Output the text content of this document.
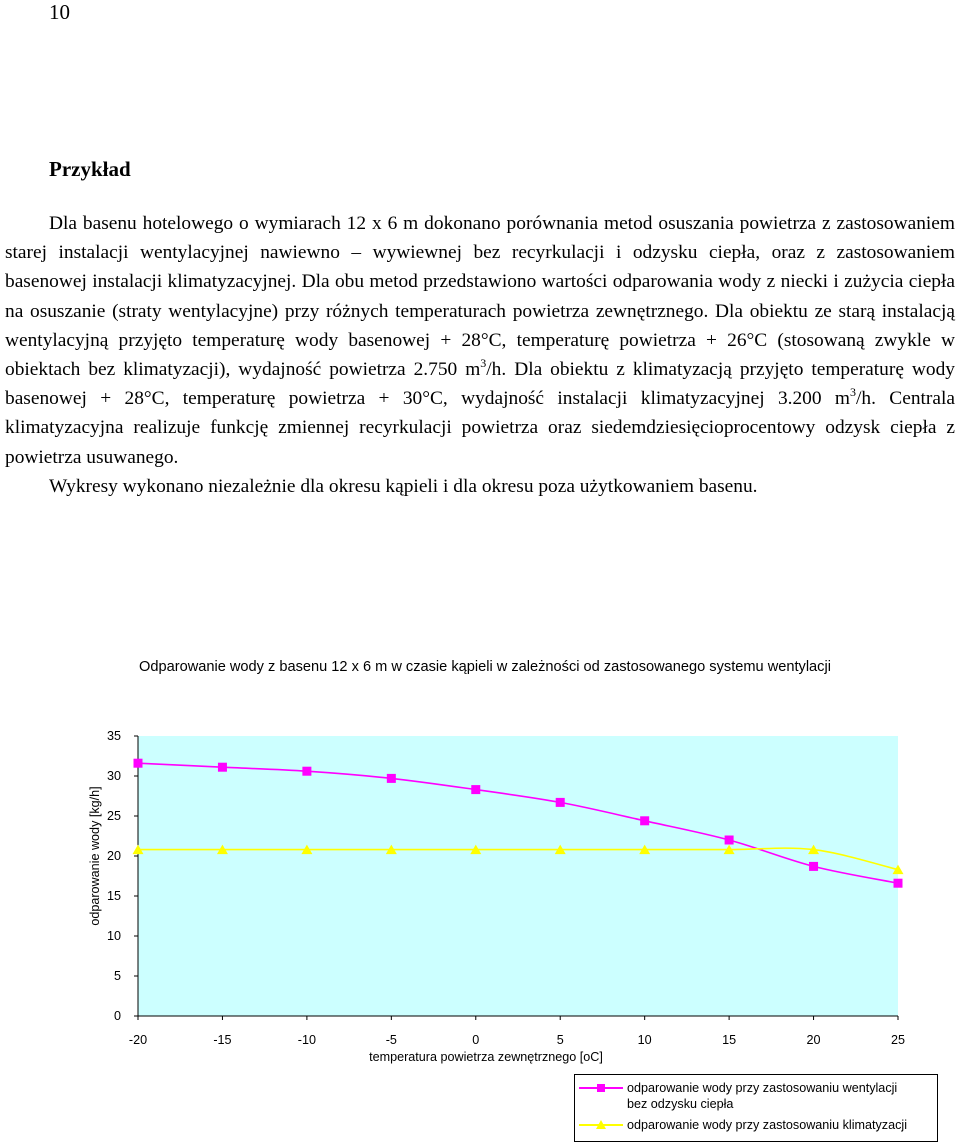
10
Przykład

Dla basenu hotelowego o wymiarach 12 x 6 m dokonano porównania metod osuszania powietrza z zastosowaniem starej instalacji wentylacyjnej nawiewno – wywiewnej bez recyrkulacji i odzysku ciepła, oraz z zastosowaniem basenowej instalacji klimatyzacyjnej. Dla obu metod przedstawiono wartości odparowania wody z niecki i zużycia ciepła na osuszanie (straty wentylacyjne) przy różnych temperaturach powietrza zewnętrznego. Dla obiektu ze starą instalacją wentylacyjną przyjęto temperaturę wody basenowej + 28°C, temperaturę powietrza + 26°C (stosowaną zwykle w obiektach bez klimatyzacji), wydajność powietrza 2.750 $m^3/h$. Dla obiektu z klimatyzacją przyjęto temperaturę wody basenowej + 28°C, temperaturę powietrza + 30°C, wydajność instalacji klimatyzacyjnej 3.200 $m^3/h$. Centrala klimatyzacyjna realizuje funkcję zmiennej recyrkulacji powietrza oraz siedemdziesięcioprocentowy odzysk ciepła z powietrza usuwanego.

Wykresy wykonano niezależnie dla okresu kąpieli i dla okresu poza użytkowaniem basenu.

Odparowanie wody z basenu 12 x 6 m w czasie kąpieli w zależności od zastosowanego systemu wentylacji
0
5
10
15
20
25
30
35
-20	-15	-10	-5	0	5	10	15	20	25
odparowanie wody [kg/h]
temperatura powietrza zewnętrznego [oC]
odparowanie wody przy zastosowaniu wentylacji
bez odzysku ciepła
odparowanie wody przy zastosowaniu klimatyzacji
